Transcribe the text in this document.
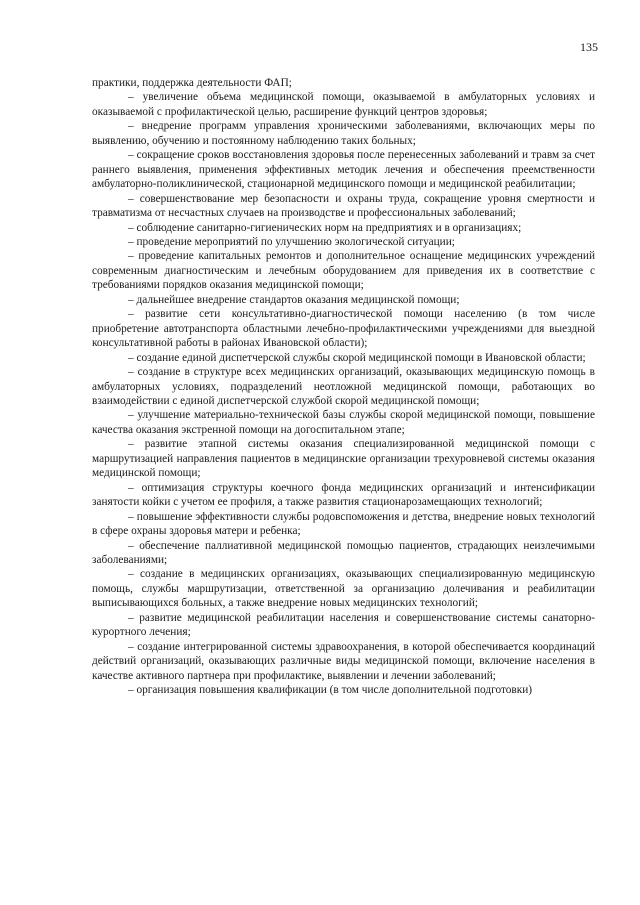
135

практики, поддержка деятельности ФАП;

– увеличение объема медицинской помощи, оказываемой в амбулаторных условиях и оказываемой с профилактической целью, расширение функций центров здоровья;

– внедрение программ управления хроническими заболеваниями, включающих меры по выявлению, обучению и постоянному наблюдению таких больных;

– сокращение сроков восстановления здоровья после перенесенных заболеваний и травм за счет раннего выявления, применения эффективных методик лечения и обеспечения преемственности амбулаторно-поликлинической, стационарной медицинского помощи и медицинской реабилитации;

– совершенствование мер безопасности и охраны труда, сокращение уровня смертности и травматизма от несчастных случаев на производстве и профессиональных заболеваний;

– соблюдение санитарно-гигиенических норм на предприятиях и в организациях;

– проведение мероприятий по улучшению экологической ситуации;

– проведение капитальных ремонтов и дополнительное оснащение медицинских учреждений современным диагностическим и лечебным оборудованием для приведения их в соответствие с требованиями порядков оказания медицинской помощи;

– дальнейшее внедрение стандартов оказания медицинской помощи;

– развитие сети консультативно-диагностической помощи населению (в том числе приобретение автотранспорта областными лечебно-профилактическими учреждениями для выездной консультативной работы в районах Ивановской области);

– создание единой диспетчерской службы скорой медицинской помощи в Ивановской области;

– создание в структуре всех медицинских организаций, оказывающих медицинскую помощь в амбулаторных условиях, подразделений неотложной медицинской помощи, работающих во взаимодействии с единой диспетчерской службой скорой медицинской помощи;

– улучшение материально-технической базы службы скорой медицинской помощи, повышение качества оказания экстренной помощи на догоспитальном этапе;

– развитие этапной системы оказания специализированной медицинской помощи с маршрутизацией направления пациентов в медицинские организации трехуровневой системы оказания медицинской помощи;

– оптимизация структуры коечного фонда медицинских организаций и интенсификации занятости койки с учетом ее профиля, а также развития стационарозамещающих технологий;

– повышение эффективности службы родовспоможения и детства, внедрение новых технологий в сфере охраны здоровья матери и ребенка;

– обеспечение паллиативной медицинской помощью пациентов, страдающих неизлечимыми заболеваниями;

– создание в медицинских организациях, оказывающих специализированную медицинскую помощь, службы маршрутизации, ответственной за организацию долечивания и реабилитации выписывающихся больных, а также внедрение новых медицинских технологий;

– развитие медицинской реабилитации населения и совершенствование системы санаторно-курортного лечения;

– создание интегрированной системы здравоохранения, в которой обеспечивается координаций действий организаций, оказывающих различные виды медицинской помощи, включение населения в качестве активного партнера при профилактике, выявлении и лечении заболеваний;

– организация повышения квалификации (в том числе дополнительной подготовки)
